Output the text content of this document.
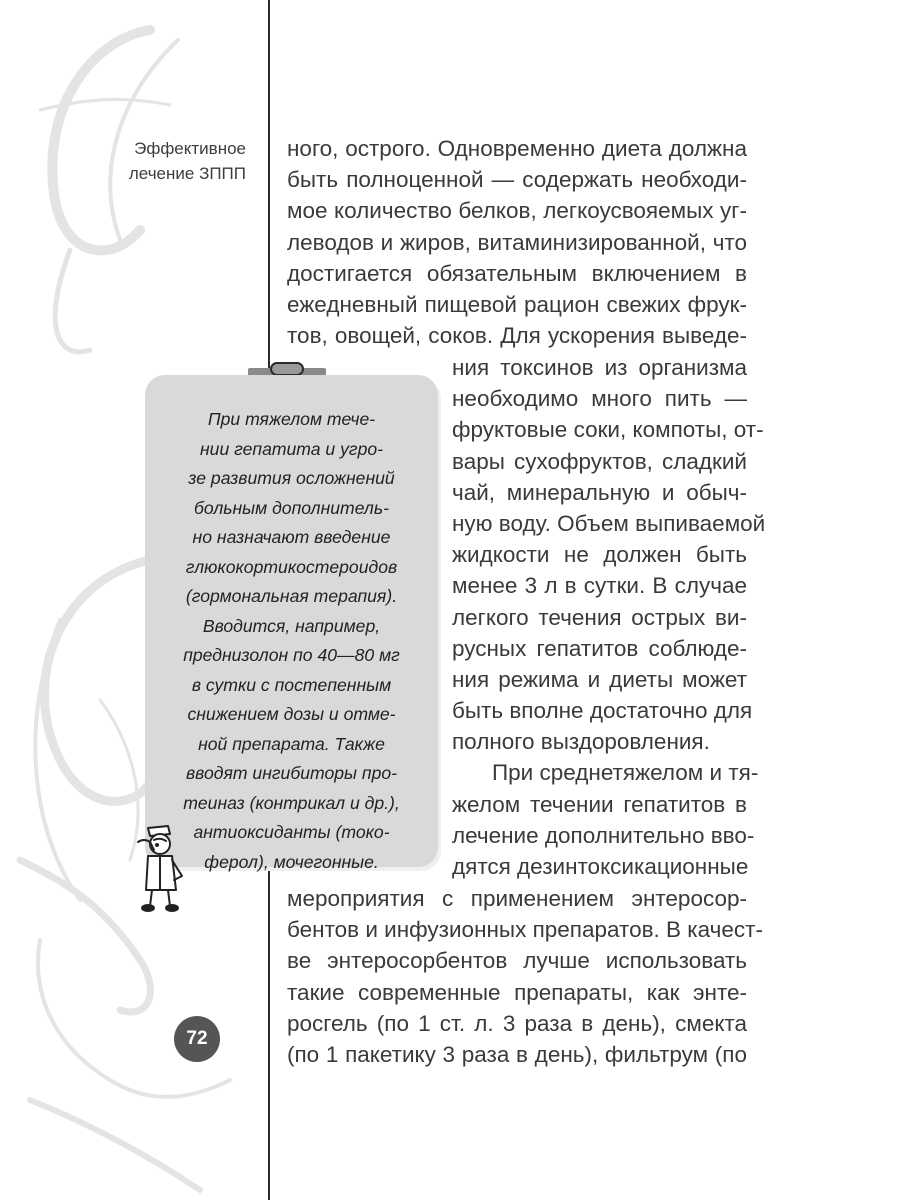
Эффективное
лечение ЗППП
ного, острого. Одновременно диета должна
быть полноценной — содержать необходи-
мое количество белков, легкоусвояемых уг-
леводов и жиров, витаминизированной, что
достигается обязательным включением в
ежедневный пищевой рацион свежих фрук-
тов, овощей, соков. Для ускорения выведе-
ния токсинов из организма
необходимо много пить —
фруктовые соки, компоты, от-
вары сухофруктов, сладкий
чай, минеральную и обыч-
ную воду. Объем выпиваемой
жидкости не должен быть
менее 3 л в сутки. В случае
легкого течения острых ви-
русных гепатитов соблюде-
ния режима и диеты может
быть вполне достаточно для
полного выздоровления.
При среднетяжелом и тя-
желом течении гепатитов в
лечение дополнительно вво-
дятся дезинтоксикационные
мероприятия с применением энтеросор-
бентов и инфузионных препаратов. В качест-
ве энтеросорбентов лучше использовать
такие современные препараты, как энте-
росгель (по 1 ст. л. 3 раза в день), смекта
(по 1 пакетику 3 раза в день), фильтрум (по
При тяжелом тече-
нии гепатита и угро-
зе развития осложнений
больным дополнитель-
но назначают введение
глюкокортикостероидов
(гормональная терапия).
Вводится, например,
преднизолон по 40—80 мг
в сутки с постепенным
снижением дозы и отме-
ной препарата. Также
вводят ингибиторы про-
теиназ (контрикал и др.),
антиоксиданты (токо-
ферол), мочегонные.
72
